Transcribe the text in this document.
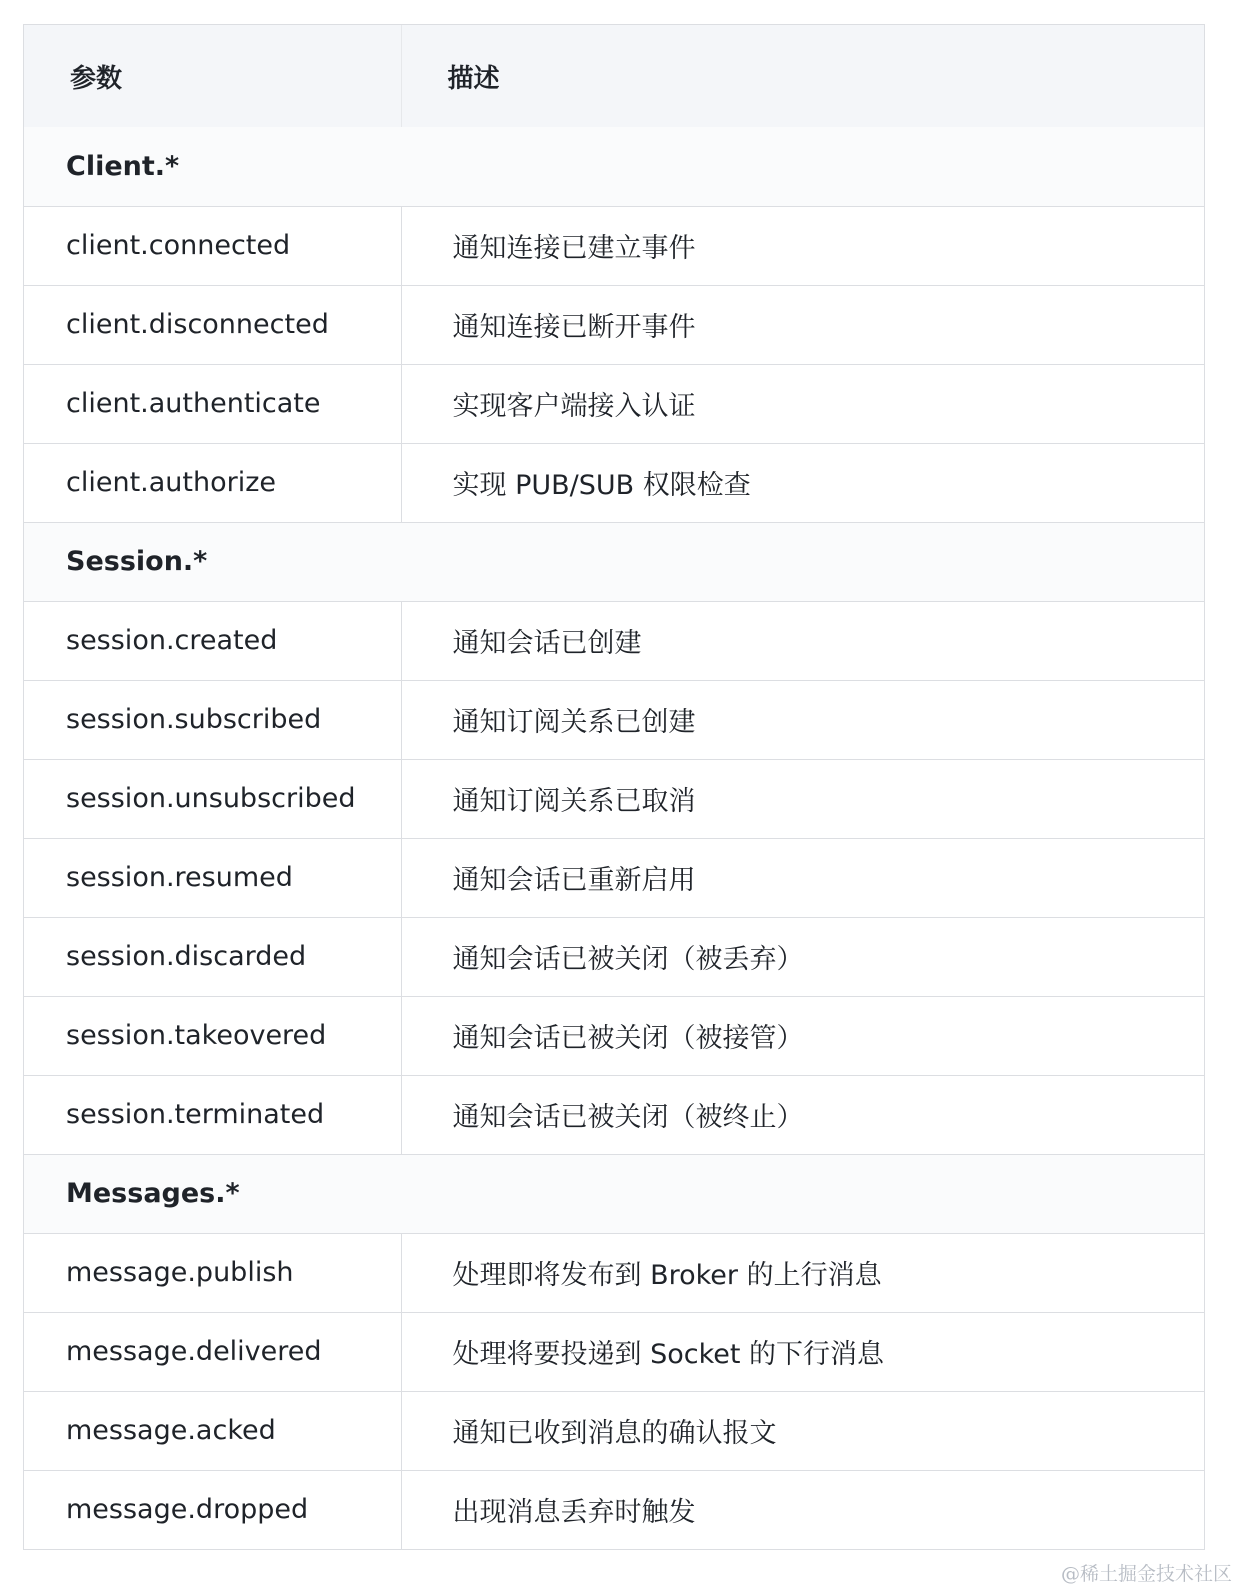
参数	描述
Client.*	
client.connected	通知连接已建立事件
client.disconnected	通知连接已断开事件
client.authenticate	实现客户端接入认证
client.authorize	实现 PUB/SUB 权限检查
Session.*	
session.created	通知会话已创建
session.subscribed	通知订阅关系已创建
session.unsubscribed	通知订阅关系已取消
session.resumed	通知会话已重新启用
session.discarded	通知会话已被关闭（被丢弃）
session.takeovered	通知会话已被关闭（被接管）
session.terminated	通知会话已被关闭（被终止）
Messages.*	
message.publish	处理即将发布到 Broker 的上行消息
message.delivered	处理将要投递到 Socket 的下行消息
message.acked	通知已收到消息的确认报文
message.dropped	出现消息丢弃时触发
@稀土掘金技术社区
